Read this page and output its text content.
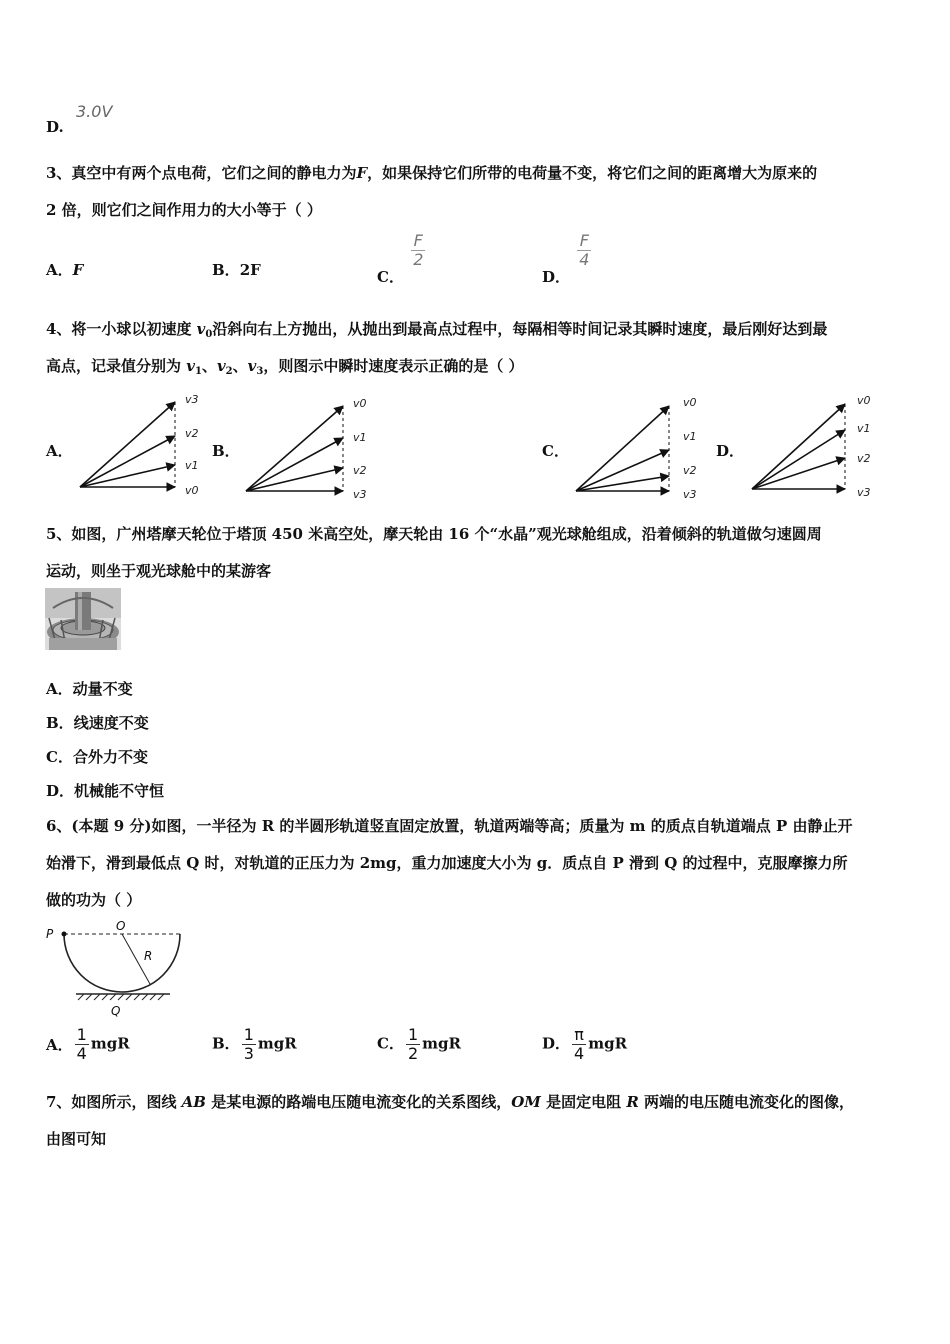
D.
3.0V
3、真空中有两个点电荷，它们之间的静电力为F，如果保持它们所带的电荷量不变，将它们之间的距离增大为原来的
2 倍，则它们之间作用力的大小等于（ ）
A．F	B．2F	C．
$\frac{F}{2}$
D．
$\frac{F}{4}$
4、将一小球以初速度 $v_0$沿斜向右上方抛出，从抛出到最高点过程中，每隔相等时间记录其瞬时速度，最后刚好达到最
高点，记录值分别为 $v_1$、$v_2$、$v_3$，则图示中瞬时速度表示正确的是（ ）
A．	B．	C．	D．
v3
v2
v1
v0
v0
v1
v2
v3
v0
v1
v2
v3
v0
v1
v2
v3
5、如图，广州塔摩天轮位于塔顶 450 米高空处，摩天轮由 16 个“水晶”观光球舱组成，沿着倾斜的轨道做匀速圆周
运动，则坐于观光球舱中的某游客
A．动量不变
B．线速度不变
C．合外力不变
D．机械能不守恒
6、(本题 9 分)如图，一半径为 R 的半圆形轨道竖直固定放置，轨道两端等高；质量为 m 的质点自轨道端点 P 由静止开
始滑下，滑到最低点 Q 时，对轨道的正压力为 2mg，重力加速度大小为 g．质点自 P 滑到 Q 的过程中，克服摩擦力所
做的功为（ ）
P
O
R
Q
A． $\frac{1}{4}$ mgR	B． $\frac{1}{3}$ mgR	C． $\frac{1}{2}$ mgR	D． $\frac{\pi}{4}$ mgR
7、如图所示，图线 AB 是某电源的路端电压随电流变化的关系图线，OM 是固定电阻 R 两端的电压随电流变化的图像，
由图可知
